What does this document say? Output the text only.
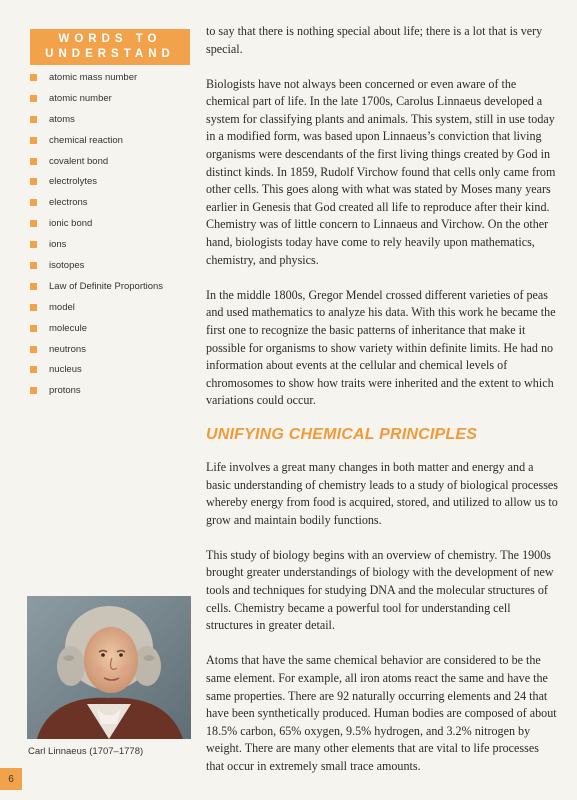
WORDS TO
UNDERSTAND
atomic mass number
atomic number
atoms
chemical reaction
covalent bond
electrolytes
electrons
ionic bond
ions
isotopes
Law of Definite Proportions
model
molecule
neutrons
nucleus
protons
Carl Linnaeus (1707–1778)
6

to say that there is nothing special about life; there is a lot that is very special.

Biologists have not always been concerned or even aware of the chemical part of life. In the late 1700s, Carolus Linnaeus developed a system for classifying plants and animals. This system, still in use today in a modified form, was based upon Linnaeus’s conviction that living organisms were descendants of the first living things created by God in distinct kinds. In 1859, Rudolf Virchow found that cells only came from other cells. This goes along with what was stated by Moses many years earlier in Genesis that God created all life to reproduce after their kind. Chemistry was of little concern to Linnaeus and Virchow. On the other hand, biologists today have come to rely heavily upon mathematics, chemistry, and physics.

In the middle 1800s, Gregor Mendel crossed different varieties of peas and used mathematics to analyze his data. With this work he became the first one to recognize the basic patterns of inheritance that make it possible for organisms to show variety within definite limits. He had no information about events at the cellular and chemical levels of chromosomes to show how traits were inherited and the extent to which variations could occur.

UNIFYING CHEMICAL PRINCIPLES

Life involves a great many changes in both matter and energy and a basic understanding of chemistry leads to a study of biological processes whereby energy from food is acquired, stored, and utilized to allow us to grow and maintain bodily functions.

This study of biology begins with an overview of chemistry. The 1900s brought greater understandings of biology with the development of new tools and techniques for studying DNA and the molecular structures of cells. Chemistry became a powerful tool for understanding cell structures in greater detail.

Atoms that have the same chemical behavior are considered to be the same element. For example, all iron atoms react the same and have the same properties. There are 92 naturally occurring elements and 24 that have been synthetically produced. Human bodies are composed of about 18.5% carbon, 65% oxygen, 9.5% hydrogen, and 3.2% nitrogen by weight. There are many other elements that are vital to life processes that occur in extremely small trace amounts.
